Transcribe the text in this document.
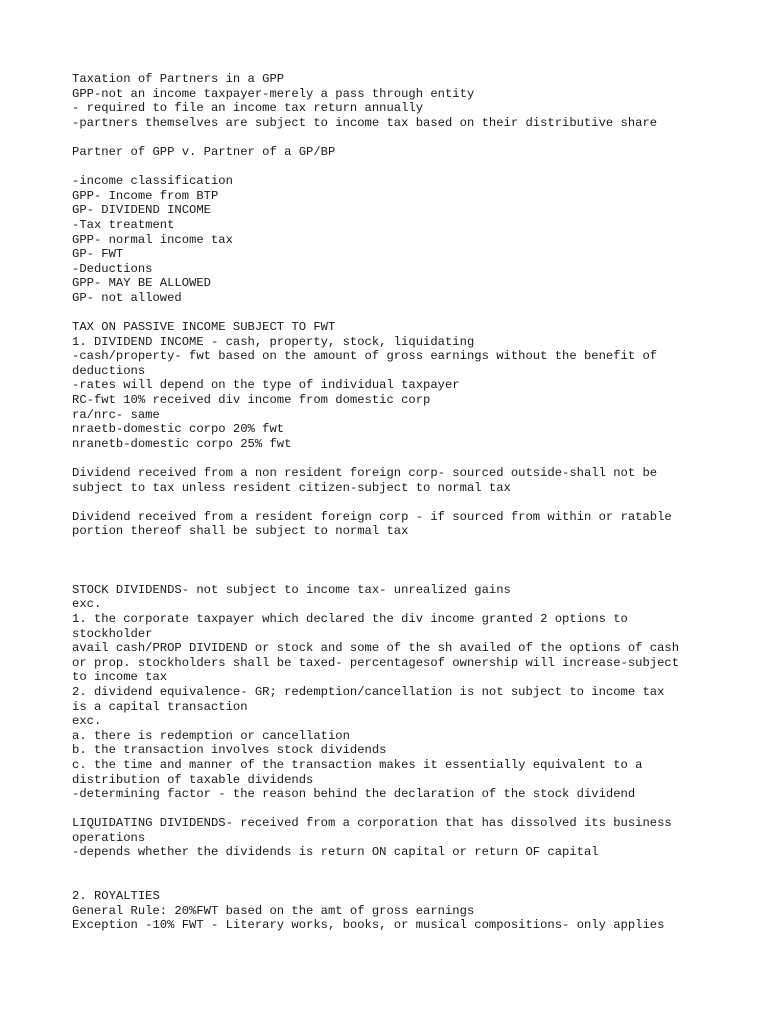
Taxation of Partners in a GPP
GPP-not an income taxpayer-merely a pass through entity
- required to file an income tax return annually
-partners themselves are subject to income tax based on their distributive share
Partner of GPP v. Partner of a GP/BP
-income classification
GPP- Income from BTP
GP- DIVIDEND INCOME
-Tax treatment
GPP- normal income tax
GP- FWT
-Deductions
GPP- MAY BE ALLOWED
GP- not allowed
TAX ON PASSIVE INCOME SUBJECT TO FWT
1. DIVIDEND INCOME - cash, property, stock, liquidating
-cash/property- fwt based on the amount of gross earnings without the benefit of
deductions
-rates will depend on the type of individual taxpayer
RC-fwt 10% received div income from domestic corp
ra/nrc- same
nraetb-domestic corpo 20% fwt
nranetb-domestic corpo 25% fwt
Dividend received from a non resident foreign corp- sourced outside-shall not be
subject to tax unless resident citizen-subject to normal tax
Dividend received from a resident foreign corp - if sourced from within or ratable
portion thereof shall be subject to normal tax
STOCK DIVIDENDS- not subject to income tax- unrealized gains
exc.
1. the corporate taxpayer which declared the div income granted 2 options to
stockholder
avail cash/PROP DIVIDEND or stock and some of the sh availed of the options of cash
or prop. stockholders shall be taxed- percentagesof ownership will increase-subject
to income tax
2. dividend equivalence- GR; redemption/cancellation is not subject to income tax
is a capital transaction
exc.
a. there is redemption or cancellation
b. the transaction involves stock dividends
c. the time and manner of the transaction makes it essentially equivalent to a
distribution of taxable dividends
-determining factor - the reason behind the declaration of the stock dividend
LIQUIDATING DIVIDENDS- received from a corporation that has dissolved its business
operations
-depends whether the dividends is return ON capital or return OF capital
2. ROYALTIES
General Rule: 20%FWT based on the amt of gross earnings
Exception -10% FWT - Literary works, books, or musical compositions- only applies
